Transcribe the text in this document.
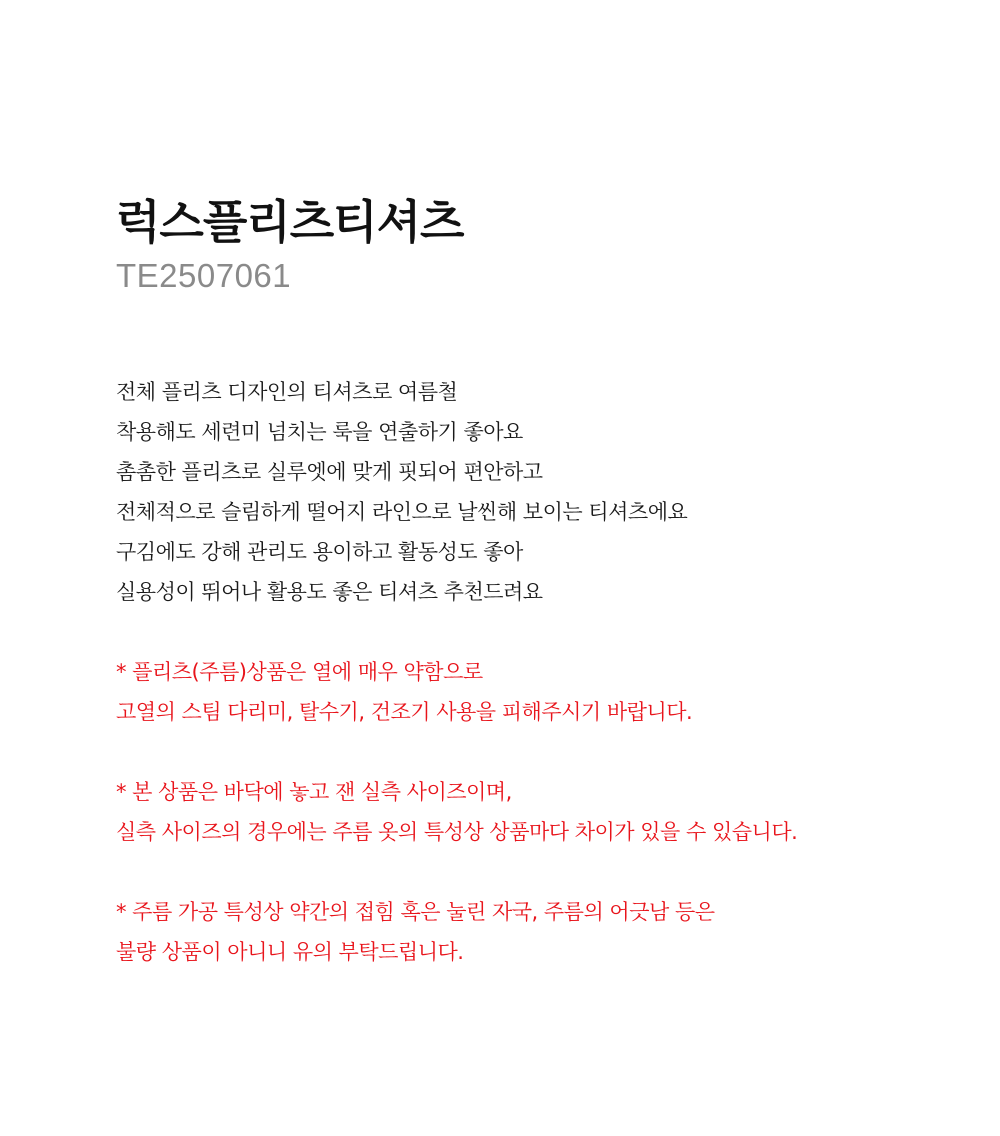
럭스플리츠티셔츠

TE2507061

전체 플리츠 디자인의 티셔츠로 여름철
착용해도 세련미 넘치는 룩을 연출하기 좋아요
촘촘한 플리츠로 실루엣에 맞게 핏되어 편안하고
전체적으로 슬림하게 떨어지 라인으로 날씬해 보이는 티셔츠에요
구김에도 강해 관리도 용이하고 활동성도 좋아
실용성이 뛰어나 활용도 좋은 티셔츠 추천드려요
* 플리츠(주름)상품은 열에 매우 약함으로
고열의 스팀 다리미, 탈수기, 건조기 사용을 피해주시기 바랍니다.
* 본 상품은 바닥에 놓고 잰 실측 사이즈이며,
실측 사이즈의 경우에는 주름 옷의 특성상 상품마다 차이가 있을 수 있습니다.
* 주름 가공 특성상 약간의 접힘 혹은 눌린 자국, 주름의 어긋남 등은
불량 상품이 아니니 유의 부탁드립니다.
